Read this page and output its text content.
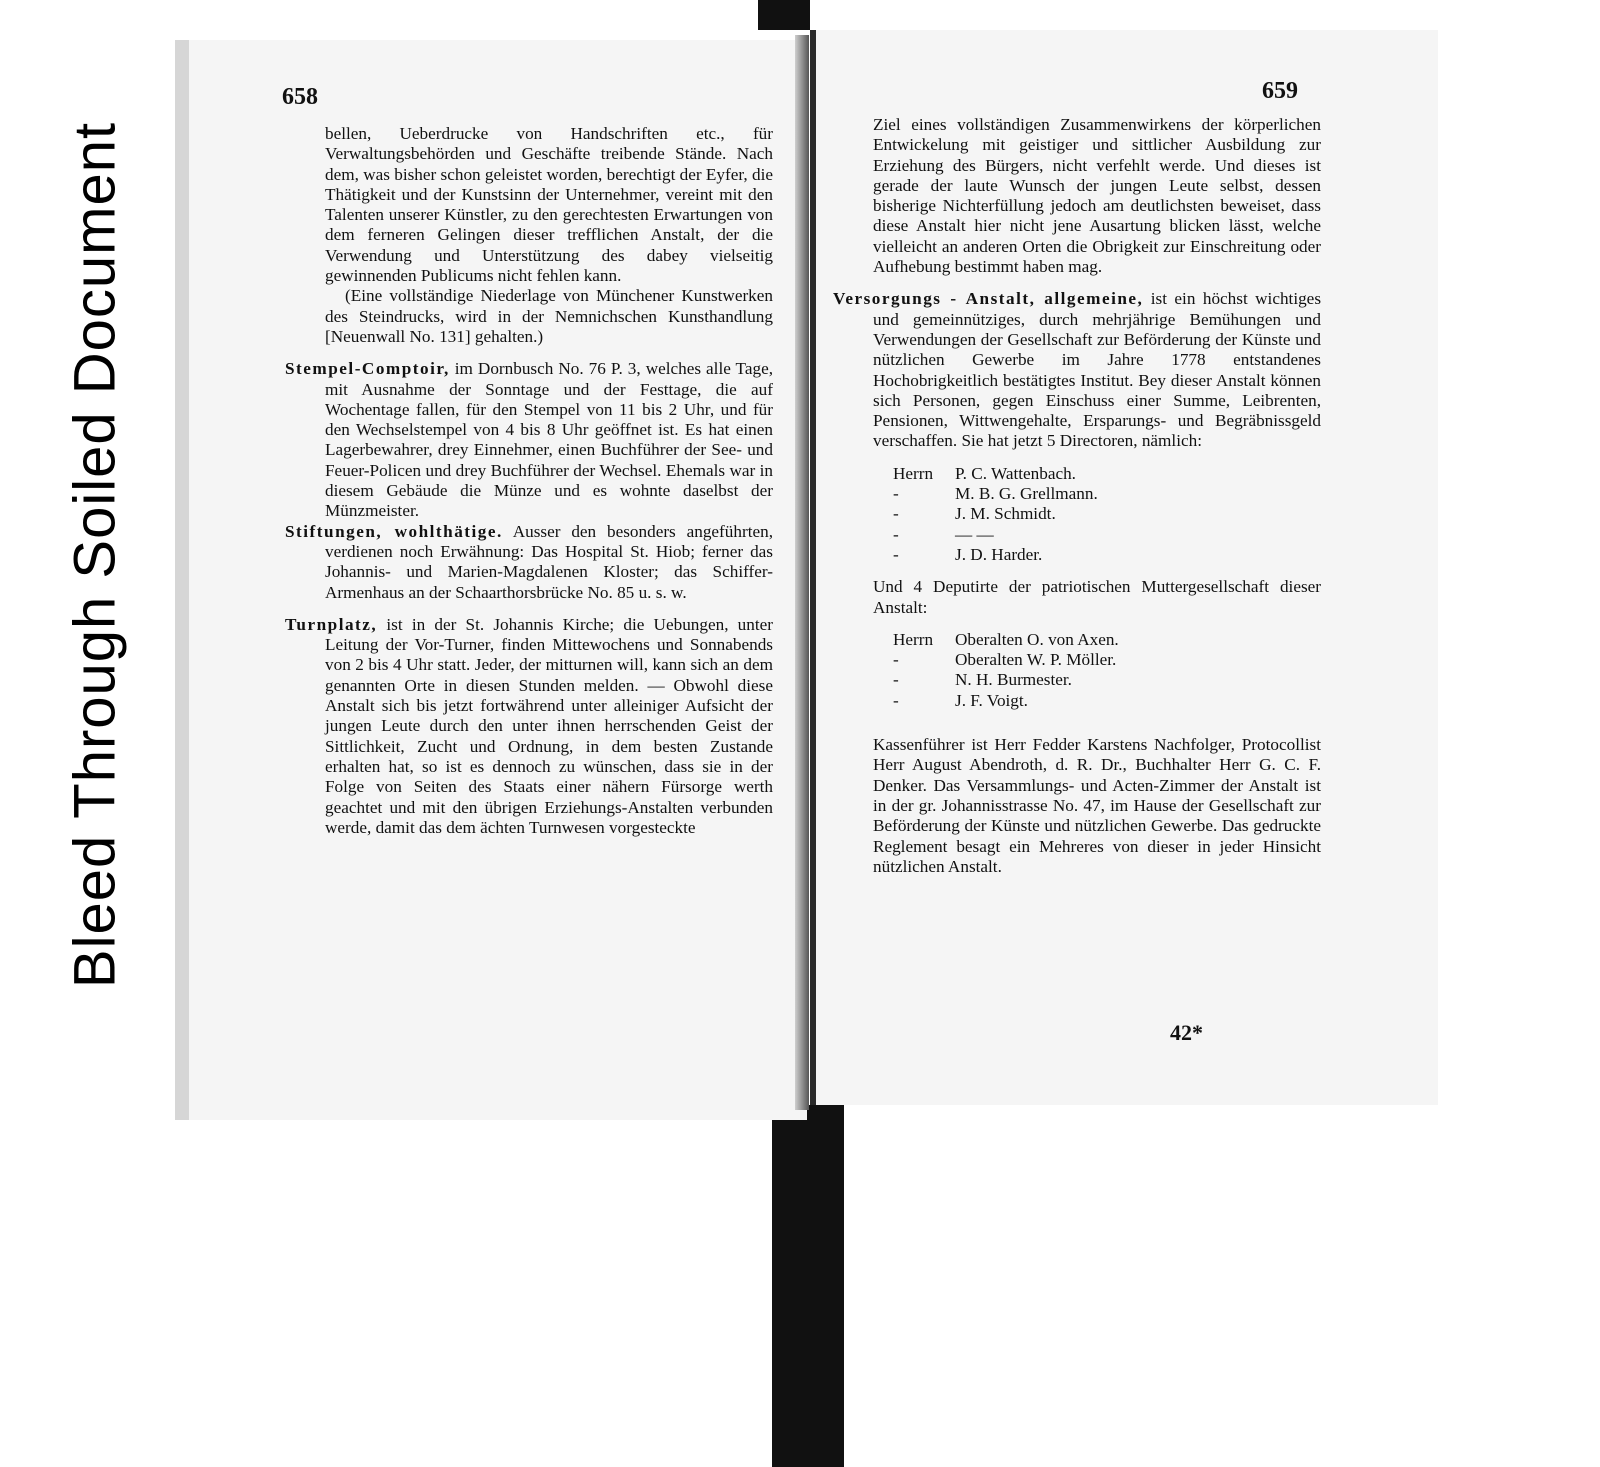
Bleed Through Soiled Document
658

bellen, Ueberdrucke von Handschriften etc., für Verwaltungsbehörden und Geschäfte treibende Stände. Nach dem, was bisher schon geleistet worden, berechtigt der Eyfer, die Thätigkeit und der Kunstsinn der Unternehmer, vereint mit den Talenten unserer Künstler, zu den gerechtesten Erwartungen von dem ferneren Gelingen dieser trefflichen Anstalt, der die Verwendung und Unterstützung des dabey vielseitig gewinnenden Publicums nicht fehlen kann.

(Eine vollständige Niederlage von Münchener Kunstwerken des Steindrucks, wird in der Nemnichschen Kunsthandlung [Neuenwall No. 131] gehalten.)

Stempel-Comptoir, im Dornbusch No. 76 P. 3, welches alle Tage, mit Ausnahme der Sonntage und der Festtage, die auf Wochentage fallen, für den Stempel von 11 bis 2 Uhr, und für den Wechselstempel von 4 bis 8 Uhr geöffnet ist. Es hat einen Lagerbewahrer, drey Einnehmer, einen Buchführer der See- und Feuer-Policen und drey Buchführer der Wechsel. Ehemals war in diesem Gebäude die Münze und es wohnte daselbst der Münzmeister.

Stiftungen, wohlthätige. Ausser den besonders angeführten, verdienen noch Erwähnung: Das Hospital St. Hiob; ferner das Johannis- und Marien-Magdalenen Kloster; das Schiffer-Armenhaus an der Schaarthorsbrücke No. 85 u. s. w.

Turnplatz, ist in der St. Johannis Kirche; die Uebungen, unter Leitung der Vor-Turner, finden Mittewochens und Sonnabends von 2 bis 4 Uhr statt. Jeder, der mitturnen will, kann sich an dem genannten Orte in diesen Stunden melden. — Obwohl diese Anstalt sich bis jetzt fortwährend unter alleiniger Aufsicht der jungen Leute durch den unter ihnen herrschenden Geist der Sittlichkeit, Zucht und Ordnung, in dem besten Zustande erhalten hat, so ist es dennoch zu wünschen, dass sie in der Folge von Seiten des Staats einer nähern Fürsorge werth geachtet und mit den übrigen Erziehungs-Anstalten verbunden werde, damit das dem ächten Turnwesen vorgesteckte

659

Ziel eines vollständigen Zusammenwirkens der körperlichen Entwickelung mit geistiger und sittlicher Ausbildung zur Erziehung des Bürgers, nicht verfehlt werde. Und dieses ist gerade der laute Wunsch der jungen Leute selbst, dessen bisherige Nichterfüllung jedoch am deutlichsten beweiset, dass diese Anstalt hier nicht jene Ausartung blicken lässt, welche vielleicht an anderen Orten die Obrigkeit zur Einschreitung oder Aufhebung bestimmt haben mag.

Versorgungs - Anstalt, allgemeine, ist ein höchst wichtiges und gemeinnütziges, durch mehrjährige Bemühungen und Verwendungen der Gesellschaft zur Beförderung der Künste und nützlichen Gewerbe im Jahre 1778 entstandenes Hochobrigkeitlich bestätigtes Institut. Bey dieser Anstalt können sich Personen, gegen Einschuss einer Summe, Leibrenten, Pensionen, Wittwengehalte, Ersparungs- und Begräbnissgeld verschaffen. Sie hat jetzt 5 Directoren, nämlich:

Herrn	P. C. Wattenbach.
-	M. B. G. Grellmann.
-	J. M. Schmidt.
-	— —
-	J. D. Harder.

Und 4 Deputirte der patriotischen Muttergesellschaft dieser Anstalt:

Herrn	Oberalten O. von Axen.
-	Oberalten W. P. Möller.
-	N. H. Burmester.
-	J. F. Voigt.

Kassenführer ist Herr Fedder Karstens Nachfolger, Protocollist Herr August Abendroth, d. R. Dr., Buchhalter Herr G. C. F. Denker. Das Versammlungs- und Acten-Zimmer der Anstalt ist in der gr. Johannisstrasse No. 47, im Hause der Gesellschaft zur Beförderung der Künste und nützlichen Gewerbe. Das gedruckte Reglement besagt ein Mehreres von dieser in jeder Hinsicht nützlichen Anstalt.

42*
